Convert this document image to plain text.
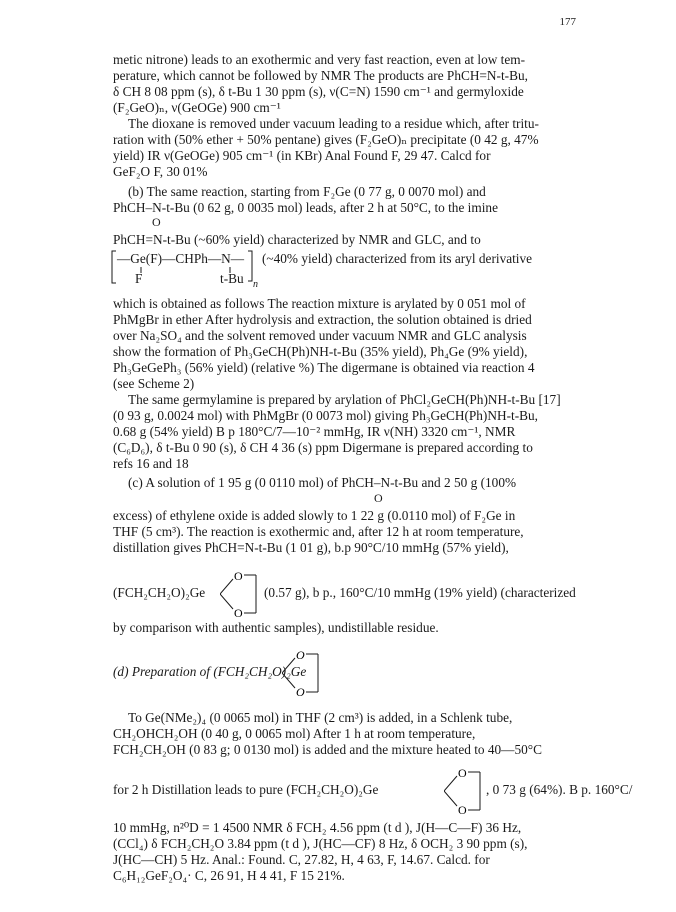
177
metic nitrone) leads to an exothermic and very fast reaction, even at low tem-
perature, which cannot be followed by NMR The products are PhCH=N-t-Bu,
δ CH 8 08 ppm (s), δ t-Bu 1 30 ppm (s), ν(C=N) 1590 cm⁻¹ and germyloxide
(F₂GeO)ₙ, ν(GeOGe) 900 cm⁻¹
The dioxane is removed under vacuum leading to a residue which, after tritu-
ration with (50% ether + 50% pentane) gives (F₂GeO)ₙ precipitate (0 42 g, 47%
yield) IR ν(GeOGe) 905 cm⁻¹ (in KBr) Anal Found F, 29 47. Calcd for
GeF₂O F, 30 01%
(b) The same reaction, starting from F₂Ge (0 77 g, 0 0070 mol) and
PhCH–N-t-Bu (0 62 g, 0 0035 mol) leads, after 2 h at 50°C, to the imine
O
PhCH=N-t-Bu (~60% yield) characterized by NMR and GLC, and to
—Ge(F)—CHPh—N—
F	t-Bu n
(~40% yield) characterized from its aryl derivative
which is obtained as follows The reaction mixture is arylated by 0 051 mol of
PhMgBr in ether After hydrolysis and extraction, the solution obtained is dried
over Na₂SO₄ and the solvent removed under vacuum NMR and GLC analysis
show the formation of Ph₃GeCH(Ph)NH-t-Bu (35% yield), Ph₄Ge (9% yield),
Ph₃GeGePh₃ (56% yield) (relative %) The digermane is obtained via reaction 4
(see Scheme 2)
The same germylamine is prepared by arylation of PhCl₂GeCH(Ph)NH-t-Bu [17]
(0 93 g, 0.0024 mol) with PhMgBr (0 0073 mol) giving Ph₃GeCH(Ph)NH-t-Bu,
0.68 g (54% yield) B p 180°C/7—10⁻² mmHg, IR ν(NH) 3320 cm⁻¹, NMR
(C₆D₆), δ t-Bu 0 90 (s), δ CH 4 36 (s) ppm Digermane is prepared according to
refs 16 and 18
(c) A solution of 1 95 g (0 0110 mol) of PhCH–N-t-Bu and 2 50 g (100%
O
excess) of ethylene oxide is added slowly to 1 22 g (0.0110 mol) of F₂Ge in
THF (5 cm³). The reaction is exothermic and, after 12 h at room temperature,
distillation gives PhCH=N-t-Bu (1 01 g), b.p 90°C/10 mmHg (57% yield),
(FCH₂CH₂O)₂Ge
O
O
(0.57 g), b p., 160°C/10 mmHg (19% yield) (characterized
by comparison with authentic samples), undistillable residue.
(d) Preparation of (FCH₂CH₂O)₂Ge
O
O
To Ge(NMe₂)₄ (0 0065 mol) in THF (2 cm³) is added, in a Schlenk tube,
CH₂OHCH₂OH (0 40 g, 0 0065 mol) After 1 h at room temperature,
FCH₂CH₂OH (0 83 g; 0 0130 mol) is added and the mixture heated to 40—50°C
for 2 h Distillation leads to pure (FCH₂CH₂O)₂Ge
O
O
, 0 73 g (64%). B p. 160°C/
10 mmHg, n²⁰D = 1 4500 NMR δ FCH₂ 4.56 ppm (t d ), J(H—C—F) 36 Hz,
(CCl₄) δ FCH₂CH₂O 3.84 ppm (t d ), J(HC—CF) 8 Hz, δ OCH₂ 3 90 ppm (s),
J(HC—CH) 5 Hz. Anal.: Found. C, 27.82, H, 4 63, F, 14.67. Calcd. for
C₆H₁₂GeF₂O₄· C, 26 91, H 4 41, F 15 21%.
